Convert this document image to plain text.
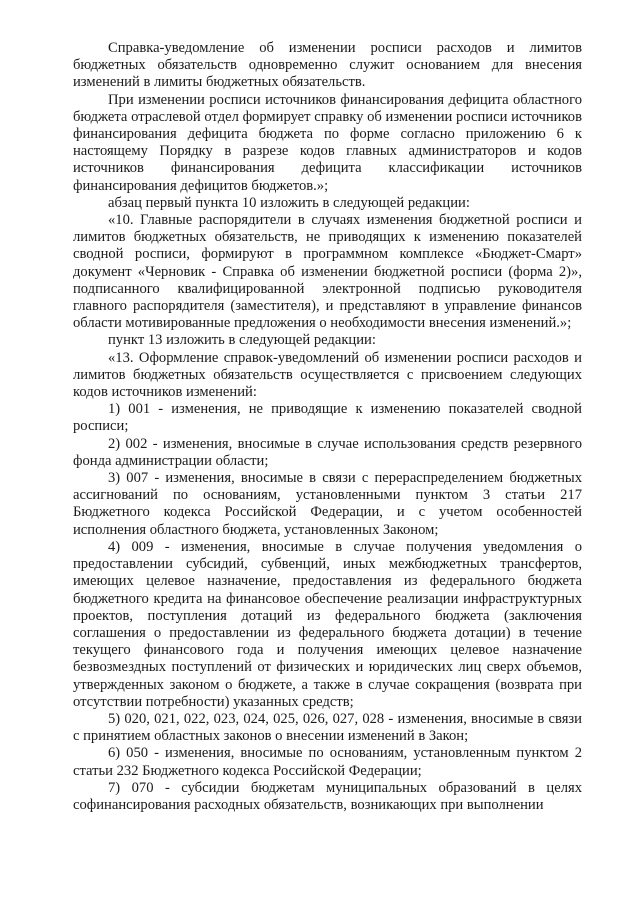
Справка-уведомление об изменении росписи расходов и лимитов бюджетных обязательств одновременно служит основанием для внесения изменений в лимиты бюджетных обязательств.

При изменении росписи источников финансирования дефицита областного бюджета отраслевой отдел формирует справку об изменении росписи источников финансирования дефицита бюджета по форме согласно приложению 6 к настоящему Порядку в разрезе кодов главных администраторов и кодов источников финансирования дефицита классификации источников финансирования дефицитов бюджетов.»;

абзац первый пункта 10 изложить в следующей редакции:

«10. Главные распорядители в случаях изменения бюджетной росписи и лимитов бюджетных обязательств, не приводящих к изменению показателей сводной росписи, формируют в программном комплексе «Бюджет-Смарт» документ «Черновик - Справка об изменении бюджетной росписи (форма 2)», подписанного квалифицированной электронной подписью руководителя главного распорядителя (заместителя), и представляют в управление финансов области мотивированные предложения о необходимости внесения изменений.»;

пункт 13 изложить в следующей редакции:

«13. Оформление справок-уведомлений об изменении росписи расходов и лимитов бюджетных обязательств осуществляется с присвоением следующих кодов источников изменений:

1) 001 - изменения, не приводящие к изменению показателей сводной росписи;

2) 002 - изменения, вносимые в случае использования средств резервного фонда администрации области;

3) 007 - изменения, вносимые в связи с перераспределением бюджетных ассигнований по основаниям, установленными пунктом 3 статьи 217 Бюджетного кодекса Российской Федерации, и с учетом особенностей исполнения областного бюджета, установленных Законом;

4) 009 - изменения, вносимые в случае получения уведомления о предоставлении субсидий, субвенций, иных межбюджетных трансфертов, имеющих целевое назначение, предоставления из федерального бюджета бюджетного кредита на финансовое обеспечение реализации инфраструктурных проектов, поступления дотаций из федерального бюджета (заключения соглашения о предоставлении из федерального бюджета дотации) в течение текущего финансового года и получения имеющих целевое назначение безвозмездных поступлений от физических и юридических лиц сверх объемов, утвержденных законом о бюджете, а также в случае сокращения (возврата при отсутствии потребности) указанных средств;

5) 020, 021, 022, 023, 024, 025, 026, 027, 028 - изменения, вносимые в связи с принятием областных законов о внесении изменений в Закон;

6) 050 - изменения, вносимые по основаниям, установленным пунктом 2 статьи 232 Бюджетного кодекса Российской Федерации;

7) 070 - субсидии бюджетам муниципальных образований в целях софинансирования расходных обязательств, возникающих при выполнении
